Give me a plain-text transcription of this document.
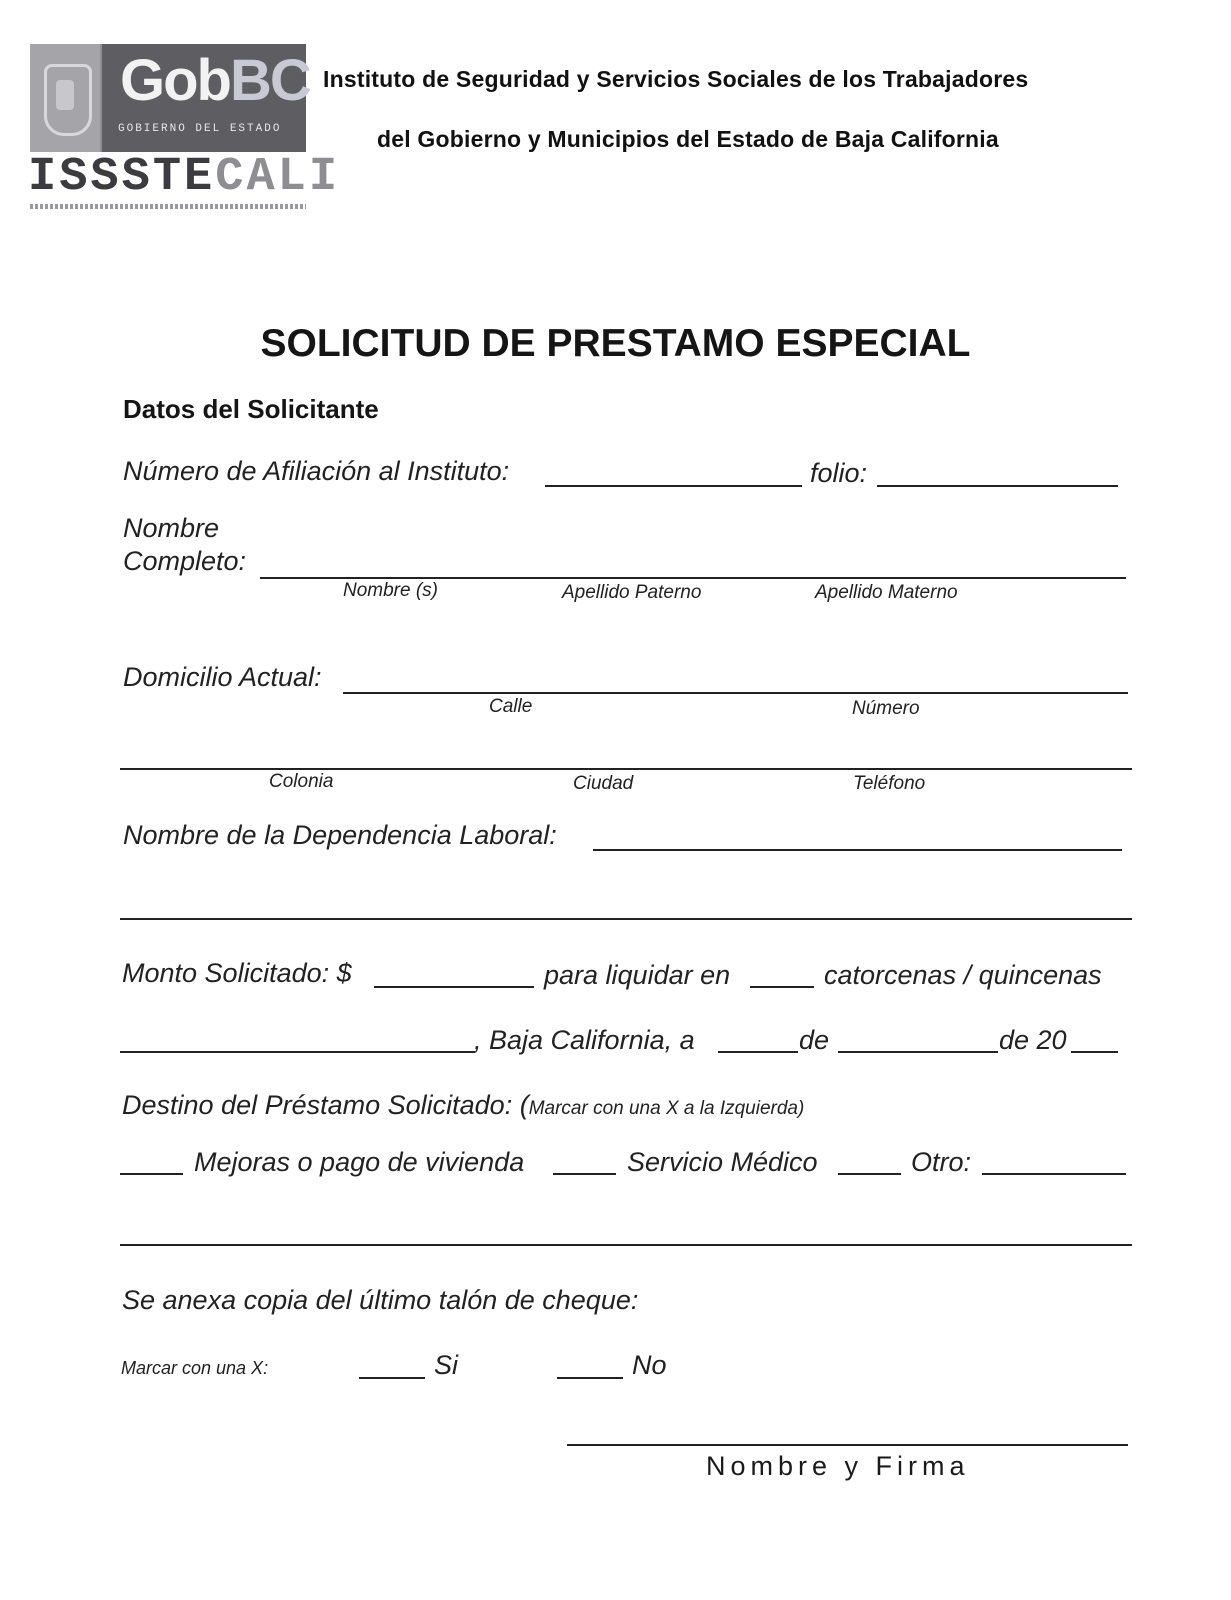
GobBC
GOBIERNO DEL ESTADO
ISSSTECALI
Instituto de Seguridad y Servicios Sociales de los Trabajadores
del Gobierno y Municipios del Estado de Baja California
SOLICITUD DE PRESTAMO ESPECIAL
Datos del Solicitante
Número de Afiliación al Instituto:	folio:
Nombre
Completo:
Nombre (s)	Apellido Paterno	Apellido Materno
Domicilio Actual:
Calle	Número
Colonia	Ciudad	Teléfono
Nombre de la Dependencia Laboral:
Monto Solicitado: $	para liquidar en	catorcenas / quincenas
, Baja California, a	de	de 20
Destino del Préstamo Solicitado: (Marcar con una X a la Izquierda)
Mejoras o pago de vivienda	Servicio Médico	Otro:
Se anexa copia del último talón de cheque:
Marcar con una X:	Si	No
Nombre y Firma
